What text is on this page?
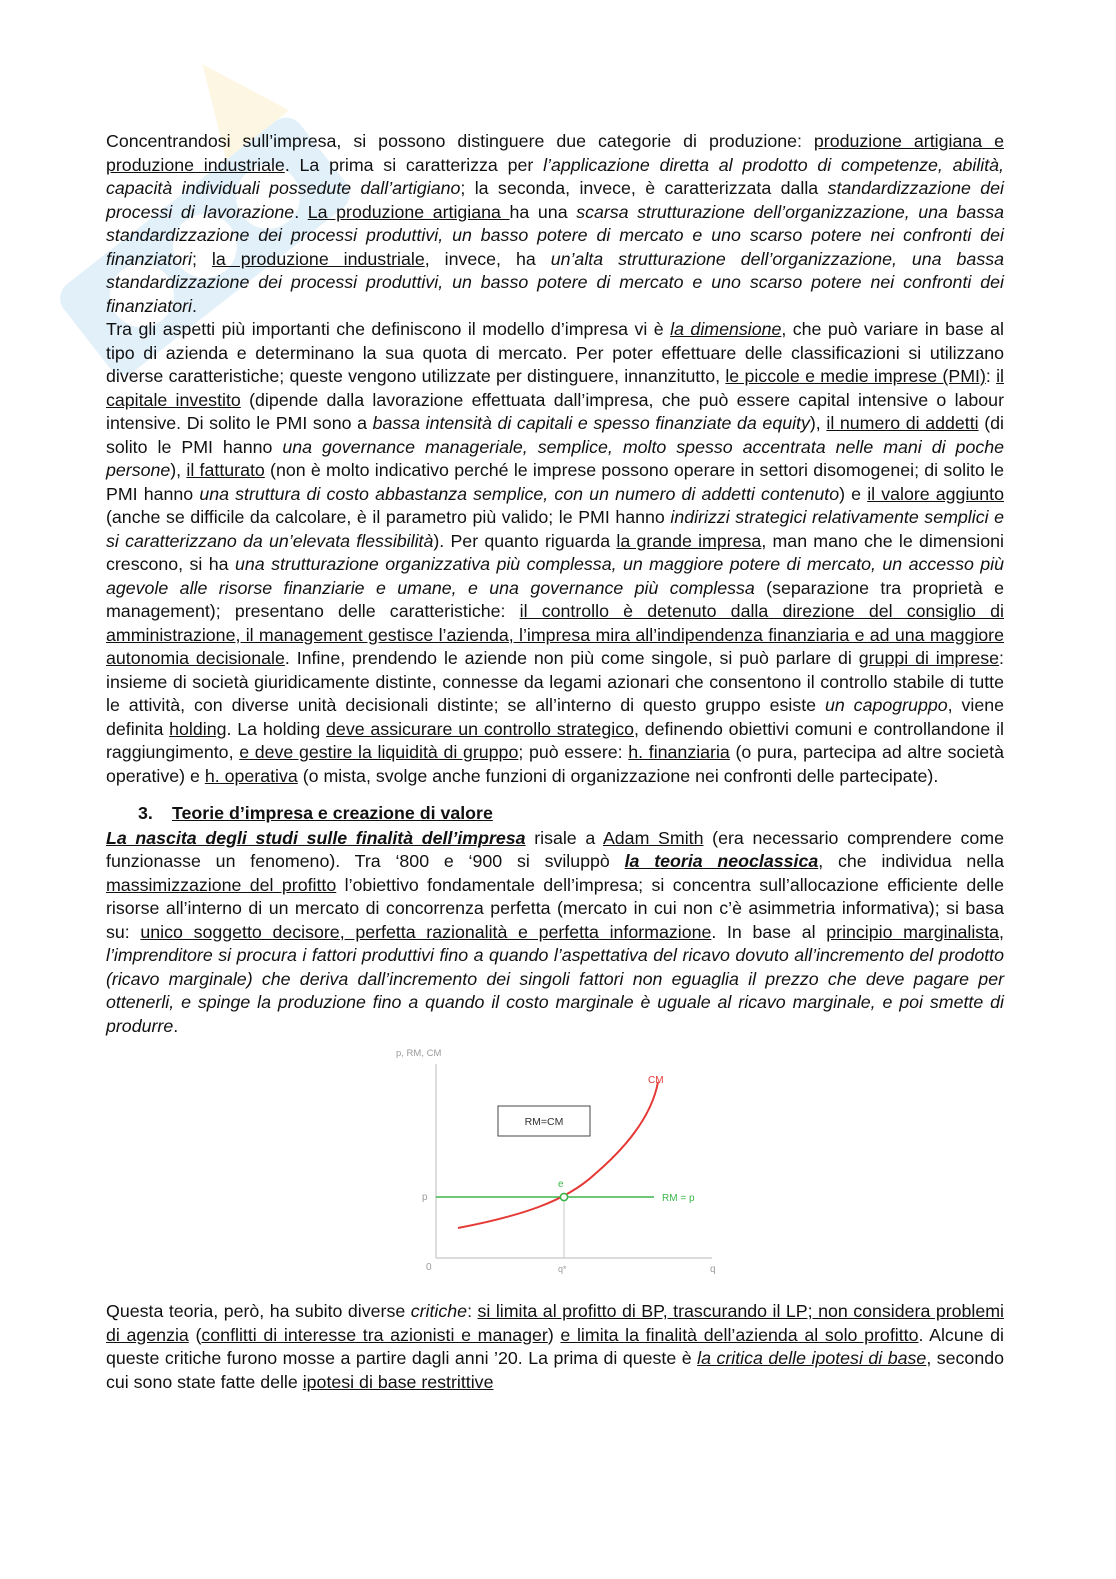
Concentrandosi sull’impresa, si possono distinguere due categorie di produzione: produzione artigiana e produzione industriale. La prima si caratterizza per l’applicazione diretta al prodotto di competenze, abilità, capacità individuali possedute dall’artigiano; la seconda, invece, è caratterizzata dalla standardizzazione dei processi di lavorazione. La produzione artigiana ha una scarsa strutturazione dell’organizzazione, una bassa standardizzazione dei processi produttivi, un basso potere di mercato e uno scarso potere nei confronti dei finanziatori; la produzione industriale, invece, ha un’alta strutturazione dell’organizzazione, una bassa standardizzazione dei processi produttivi, un basso potere di mercato e uno scarso potere nei confronti dei finanziatori.

Tra gli aspetti più importanti che definiscono il modello d’impresa vi è la dimensione, che può variare in base al tipo di azienda e determinano la sua quota di mercato. Per poter effettuare delle classificazioni si utilizzano diverse caratteristiche; queste vengono utilizzate per distinguere, innanzitutto, le piccole e medie imprese (PMI): il capitale investito (dipende dalla lavorazione effettuata dall’impresa, che può essere capital intensive o labour intensive. Di solito le PMI sono a bassa intensità di capitali e spesso finanziate da equity), il numero di addetti (di solito le PMI hanno una governance manageriale, semplice, molto spesso accentrata nelle mani di poche persone), il fatturato (non è molto indicativo perché le imprese possono operare in settori disomogenei; di solito le PMI hanno una struttura di costo abbastanza semplice, con un numero di addetti contenuto) e il valore aggiunto (anche se difficile da calcolare, è il parametro più valido; le PMI hanno indirizzi strategici relativamente semplici e si caratterizzano da un’elevata flessibilità). Per quanto riguarda la grande impresa, man mano che le dimensioni crescono, si ha una strutturazione organizzativa più complessa, un maggiore potere di mercato, un accesso più agevole alle risorse finanziarie e umane, e una governance più complessa (separazione tra proprietà e management); presentano delle caratteristiche: il controllo è detenuto dalla direzione del consiglio di amministrazione, il management gestisce l’azienda, l’impresa mira all’indipendenza finanziaria e ad una maggiore autonomia decisionale. Infine, prendendo le aziende non più come singole, si può parlare di gruppi di imprese: insieme di società giuridicamente distinte, connesse da legami azionari che consentono il controllo stabile di tutte le attività, con diverse unità decisionali distinte; se all’interno di questo gruppo esiste un capogruppo, viene definita holding. La holding deve assicurare un controllo strategico, definendo obiettivi comuni e controllandone il raggiungimento, e deve gestire la liquidità di gruppo; può essere: h. finanziaria (o pura, partecipa ad altre società operative) e h. operativa (o mista, svolge anche funzioni di organizzazione nei confronti delle partecipate).

3. Teorie d’impresa e creazione di valore

La nascita degli studi sulle finalità dell’impresa risale a Adam Smith (era necessario comprendere come funzionasse un fenomeno). Tra ‘800 e ‘900 si sviluppò la teoria neoclassica, che individua nella massimizzazione del profitto l’obiettivo fondamentale dell’impresa; si concentra sull’allocazione efficiente delle risorse all’interno di un mercato di concorrenza perfetta (mercato in cui non c’è asimmetria informativa); si basa su: unico soggetto decisore, perfetta razionalità e perfetta informazione. In base al principio marginalista, l’imprenditore si procura i fattori produttivi fino a quando l’aspettativa del ricavo dovuto all’incremento del prodotto (ricavo marginale) che deriva dall’incremento dei singoli fattori non eguaglia il prezzo che deve pagare per ottenerli, e spinge la produzione fino a quando il costo marginale è uguale al ricavo marginale, e poi smette di produrre.

p, RM, CM
q
0
p
q*
e
CM
RM = p
RM=CM

Questa teoria, però, ha subito diverse critiche: si limita al profitto di BP, trascurando il LP; non considera problemi di agenzia (conflitti di interesse tra azionisti e manager) e limita la finalità dell’azienda al solo profitto. Alcune di queste critiche furono mosse a partire dagli anni ’20. La prima di queste è la critica delle ipotesi di base, secondo cui sono state fatte delle ipotesi di base restrittive
